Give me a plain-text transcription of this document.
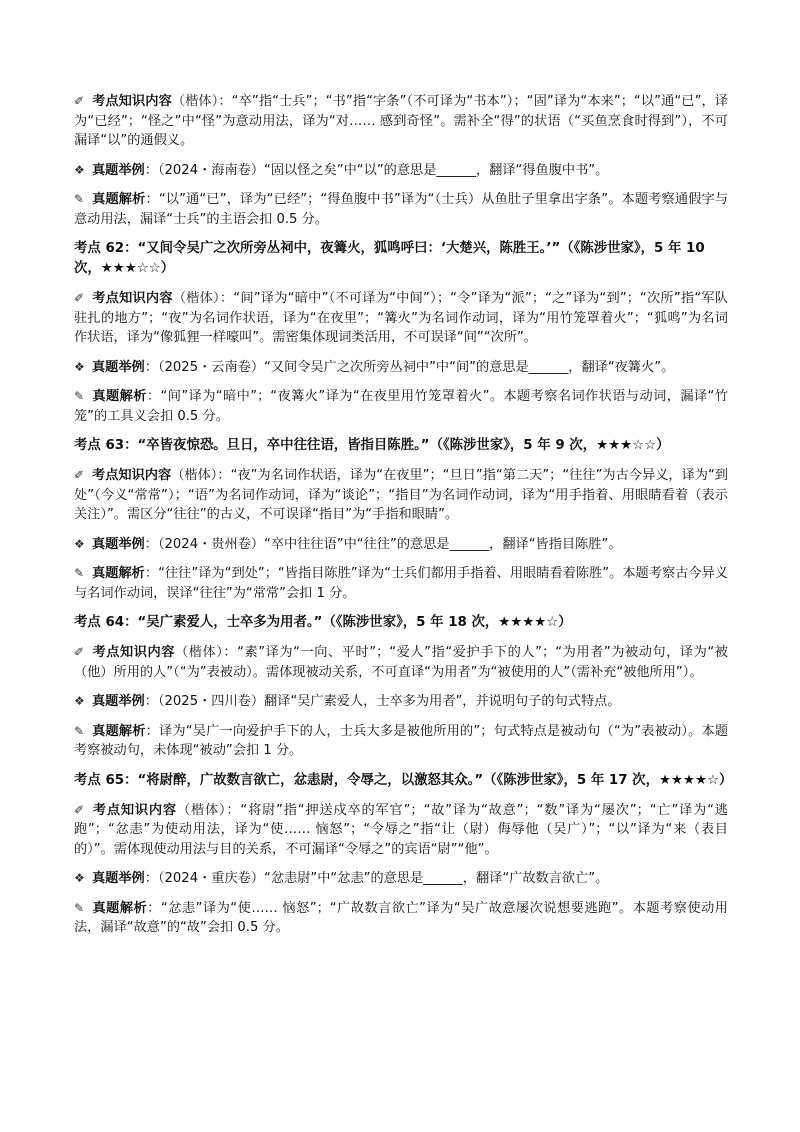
✐ 考点知识内容（楷体）：“卒”指“士兵”；“书”指“字条”（不可译为“书本”）；“固”译为“本来”；“以”通“已”，译为“已经”；“怪之”中“怪”为意动用法，译为“对…… 感到奇怪”。需补全“得”的状语（“买鱼烹食时得到”），不可漏译“以”的通假义。

❖ 真题举例：（2024・海南卷）“固以怪之矣”中“以”的意思是______，翻译“得鱼腹中书”。

✎ 真题解析：“以”通“已”，译为“已经”；“得鱼腹中书”译为“（士兵）从鱼肚子里拿出字条”。本题考察通假字与意动用法，漏译“士兵”的主语会扣 0.5 分。

考点 62：“又间令吴广之次所旁丛祠中，夜篝火，狐鸣呼曰：‘大楚兴，陈胜王。’”（《陈涉世家》，5 年 10 次，★★★☆☆）

✐ 考点知识内容（楷体）：“间”译为“暗中”（不可译为“中间”）；“令”译为“派”；“之”译为“到”；“次所”指“军队驻扎的地方”；“夜”为名词作状语，译为“在夜里”；“篝火”为名词作动词，译为“用竹笼罩着火”；“狐鸣”为名词作状语，译为“像狐狸一样嚎叫”。需密集体现词类活用，不可误译“间”“次所”。

❖ 真题举例：（2025・云南卷）“又间令吴广之次所旁丛祠中”中“间”的意思是______，翻译“夜篝火”。

✎ 真题解析：“间”译为“暗中”；“夜篝火”译为“在夜里用竹笼罩着火”。本题考察名词作状语与动词，漏译“竹笼”的工具义会扣 0.5 分。

考点 63：“卒皆夜惊恐。旦日，卒中往往语，皆指目陈胜。”（《陈涉世家》，5 年 9 次，★★★☆☆）

✐ 考点知识内容（楷体）：“夜”为名词作状语，译为“在夜里”；“旦日”指“第二天”；“往往”为古今异义，译为“到处”（今义“常常”）；“语”为名词作动词，译为“谈论”；“指目”为名词作动词，译为“用手指着、用眼睛看着（表示关注）”。需区分“往往”的古义，不可误译“指目”为“手指和眼睛”。

❖ 真题举例：（2024・贵州卷）“卒中往往语”中“往往”的意思是______，翻译“皆指目陈胜”。

✎ 真题解析：“往往”译为“到处”；“皆指目陈胜”译为“士兵们都用手指着、用眼睛看着陈胜”。本题考察古今异义与名词作动词，误译“往往”为“常常”会扣 1 分。

考点 64：“吴广素爱人，士卒多为用者。”（《陈涉世家》，5 年 18 次，★★★★☆）

✐ 考点知识内容（楷体）：“素”译为“一向、平时”；“爱人”指“爱护手下的人”；“为用者”为被动句，译为“被（他）所用的人”（“为”表被动）。需体现被动关系，不可直译“为用者”为“被使用的人”（需补充“被他所用”）。

❖ 真题举例：（2025・四川卷）翻译“吴广素爱人，士卒多为用者”，并说明句子的句式特点。

✎ 真题解析：译为“吴广一向爱护手下的人，士兵大多是被他所用的”；句式特点是被动句（“为”表被动）。本题考察被动句，未体现“被动”会扣 1 分。

考点 65：“将尉醉，广故数言欲亡，忿恚尉，令辱之，以激怒其众。”（《陈涉世家》，5 年 17 次，★★★★☆）

✐ 考点知识内容（楷体）：“将尉”指“押送戍卒的军官”；“故”译为“故意”；“数”译为“屡次”；“亡”译为“逃跑”；“忿恚”为使动用法，译为“使…… 恼怒”；“令辱之”指“让（尉）侮辱他（吴广）”；“以”译为“来（表目的）”。需体现使动用法与目的关系，不可漏译“令辱之”的宾语“尉”“他”。

❖ 真题举例：（2024・重庆卷）“忿恚尉”中“忿恚”的意思是______，翻译“广故数言欲亡”。

✎ 真题解析：“忿恚”译为“使…… 恼怒”；“广故数言欲亡”译为“吴广故意屡次说想要逃跑”。本题考察使动用法，漏译“故意”的“故”会扣 0.5 分。
